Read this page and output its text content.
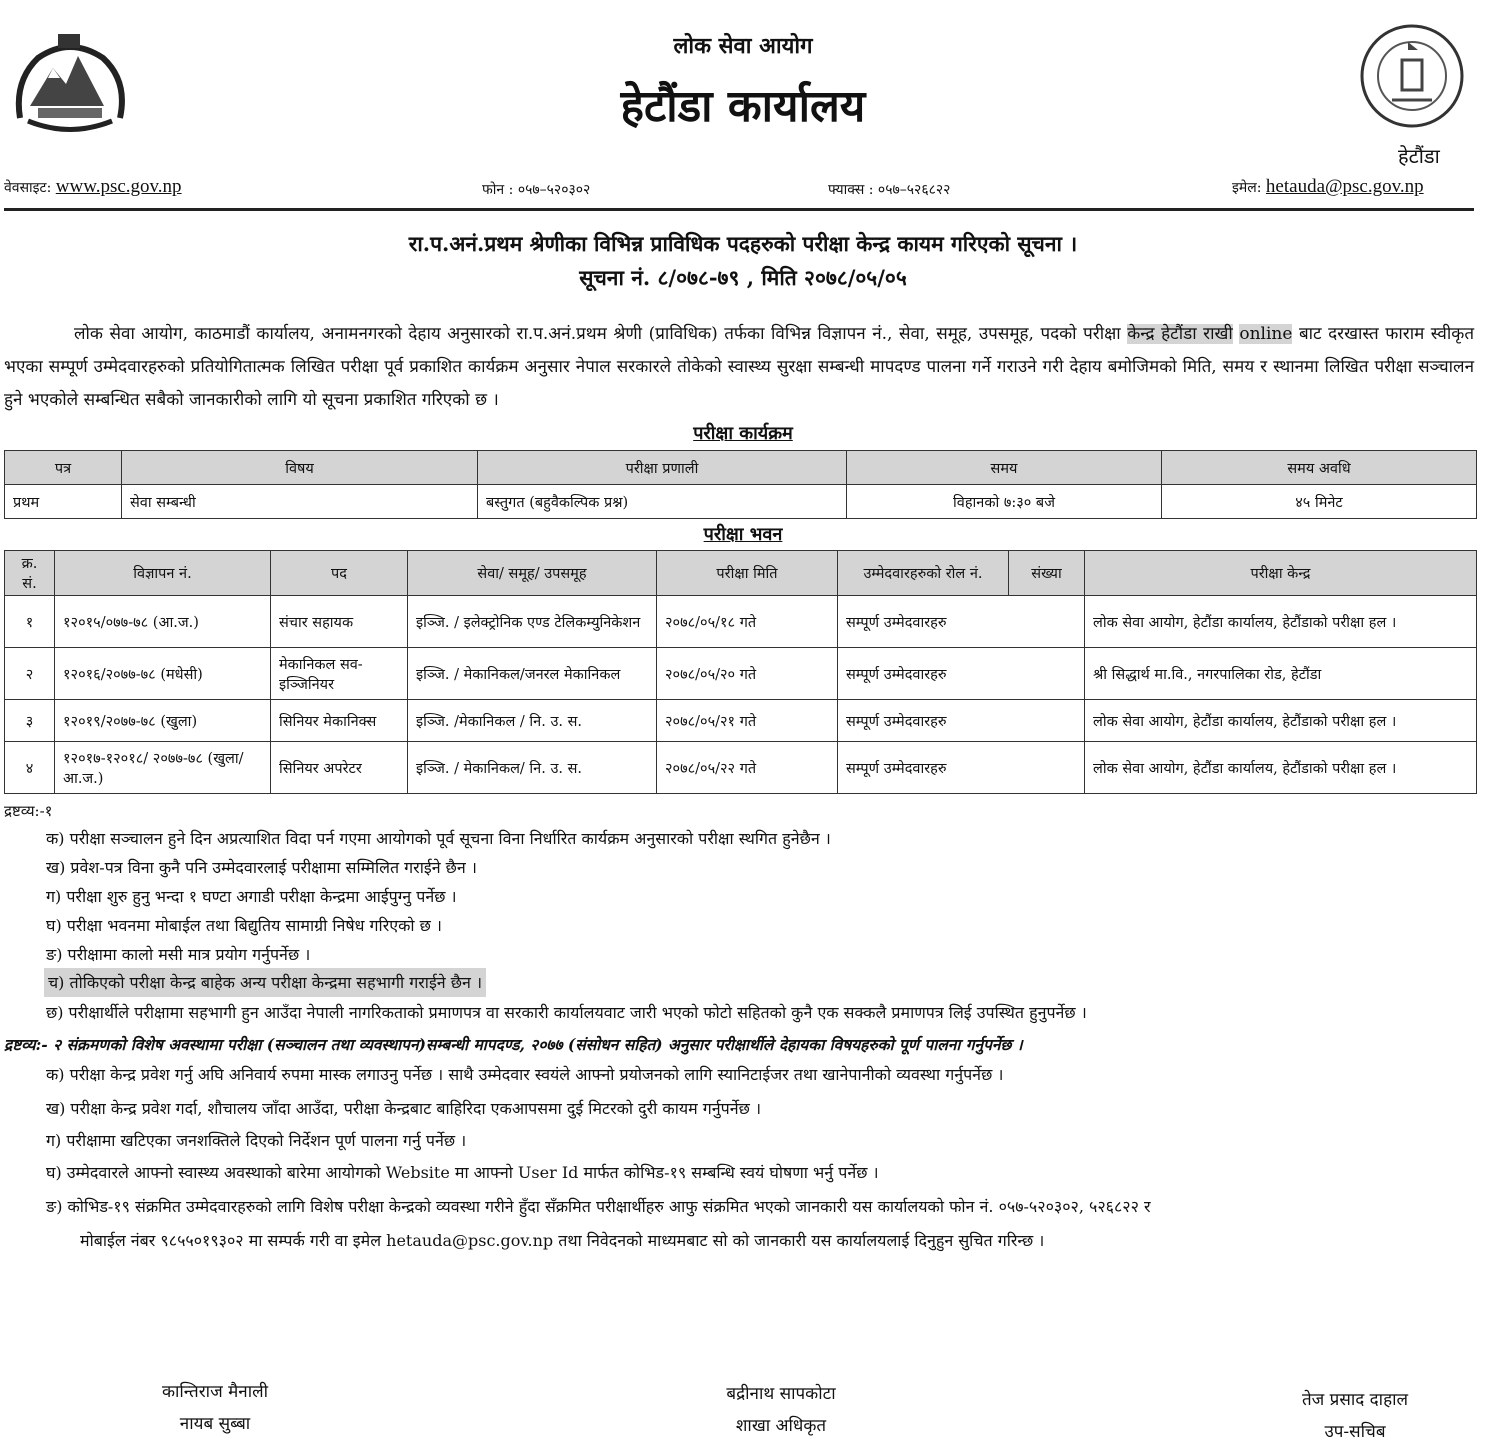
लोक सेवा आयोग
हेटौंडा कार्यालय
हेटौंडा
वेवसाइट: www.psc.gov.np	फोन : ०५७–५२०३०२	फ्याक्स : ०५७–५२६८२२	इमेल: hetauda@psc.gov.np
रा.प.अनं.प्रथम श्रेणीका विभिन्न प्राविधिक पदहरुको परीक्षा केन्द्र कायम गरिएको सूचना ।
सूचना नं. ८/०७८-७९ , मिति २०७८/०५/०५
लोक सेवा आयोग, काठमाडौं कार्यालय, अनामनगरको देहाय अनुसारको रा.प.अनं.प्रथम श्रेणी (प्राविधिक) तर्फका विभिन्न विज्ञापन नं., सेवा, समूह, उपसमूह, पदको परीक्षा केन्द्र हेटौंडा राखी online बाट दरखास्त फाराम स्वीकृत भएका सम्पूर्ण उम्मेदवारहरुको प्रतियोगितात्मक लिखित परीक्षा पूर्व प्रकाशित कार्यक्रम अनुसार नेपाल सरकारले तोकेको स्वास्थ्य सुरक्षा सम्बन्धी मापदण्ड पालना गर्ने गराउने गरी देहाय बमोजिमको मिति, समय र स्थानमा लिखित परीक्षा सञ्चालन हुने भएकोले सम्बन्धित सबैको जानकारीको लागि यो सूचना प्रकाशित गरिएको छ ।
परीक्षा कार्यक्रम
पत्र	विषय	परीक्षा प्रणाली	समय	समय अवधि
प्रथम	सेवा सम्बन्धी	बस्तुगत (बहुवैकल्पिक प्रश्न)	विहानको ७:३० बजे	४५ मिनेट
परीक्षा भवन
क्र. सं.	विज्ञापन नं.	पद	सेवा/ समूह/ उपसमूह	परीक्षा मिति	उम्मेदवारहरुको रोल नं.	संख्या	परीक्षा केन्द्र
१	१२०१५/०७७-७८ (आ.ज.)	संचार सहायक	इञ्जि. / इलेक्ट्रोनिक एण्ड टेलिकम्युनिकेशन	२०७८/०५/१८ गते	सम्पूर्ण उम्मेदवारहरु		लोक सेवा आयोग, हेटौंडा कार्यालय, हेटौंडाको परीक्षा हल ।
२	१२०१६/२०७७-७८ (मधेसी)	मेकानिकल सव-इञ्जिनियर	इञ्जि. / मेकानिकल/जनरल मेकानिकल	२०७८/०५/२० गते	सम्पूर्ण उम्मेदवारहरु		श्री सिद्धार्थ मा.वि., नगरपालिका रोड, हेटौंडा
३	१२०१९/२०७७-७८ (खुला)	सिनियर मेकानिक्स	इञ्जि. /मेकानिकल / नि. उ. स.	२०७८/०५/२१ गते	सम्पूर्ण उम्मेदवारहरु		लोक सेवा आयोग, हेटौंडा कार्यालय, हेटौंडाको परीक्षा हल ।
४	१२०१७-१२०१८/ २०७७-७८ (खुला/आ.ज.)	सिनियर अपरेटर	इञ्जि. / मेकानिकल/ नि. उ. स.	२०७८/०५/२२ गते	सम्पूर्ण उम्मेदवारहरु		लोक सेवा आयोग, हेटौंडा कार्यालय, हेटौंडाको परीक्षा हल ।
द्रष्टव्य:-१
क) परीक्षा सञ्चालन हुने दिन अप्रत्याशित विदा पर्न गएमा आयोगको पूर्व सूचना विना निर्धारित कार्यक्रम अनुसारको परीक्षा स्थगित हुनेछैन ।
ख) प्रवेश-पत्र विना कुनै पनि उम्मेदवारलाई परीक्षामा सम्मिलित गराईने छैन ।
ग) परीक्षा शुरु हुनु भन्दा १ घण्टा अगाडी परीक्षा केन्द्रमा आईपुग्नु पर्नेछ ।
घ) परीक्षा भवनमा मोबाईल तथा बिद्युतिय सामाग्री निषेध गरिएको छ ।
ङ) परीक्षामा कालो मसी मात्र प्रयोग गर्नुपर्नेछ ।
च) तोकिएको परीक्षा केन्द्र बाहेक अन्य परीक्षा केन्द्रमा सहभागी गराईने छैन ।
छ) परीक्षार्थीले परीक्षामा सहभागी हुन आउँदा नेपाली नागरिकताको प्रमाणपत्र वा सरकारी कार्यालयवाट जारी भएको फोटो सहितको कुनै एक सक्कलै प्रमाणपत्र लिई उपस्थित हुनुपर्नेछ ।
द्रष्टव्य:- २ संक्रमणको विशेष अवस्थामा परीक्षा (सञ्चालन तथा व्यवस्थापन)सम्बन्धी मापदण्ड, २०७७ (संसोधन सहित) अनुसार परीक्षार्थीले देहायका विषयहरुको पूर्ण पालना गर्नुपर्नेछ ।
क) परीक्षा केन्द्र प्रवेश गर्नु अघि अनिवार्य रुपमा मास्क लगाउनु पर्नेछ । साथै उम्मेदवार स्वयंले आफ्नो प्रयोजनको लागि स्यानिटाईजर तथा खानेपानीको व्यवस्था गर्नुपर्नेछ ।
ख) परीक्षा केन्द्र प्रवेश गर्दा, शौचालय जाँदा आउँदा, परीक्षा केन्द्रबाट बाहिरिदा एकआपसमा दुई मिटरको दुरी कायम गर्नुपर्नेछ ।
ग) परीक्षामा खटिएका जनशक्तिले दिएको निर्देशन पूर्ण पालना गर्नु पर्नेछ ।
घ) उम्मेदवारले आफ्नो स्वास्थ्य अवस्थाको बारेमा आयोगको Website मा आफ्नो User Id मार्फत कोभिड-१९ सम्बन्धि स्वयं घोषणा भर्नु पर्नेछ ।
ङ) कोभिड-१९ संक्रमित उम्मेदवारहरुको लागि विशेष परीक्षा केन्द्रको व्यवस्था गरीने हुँदा सँक्रमित परीक्षार्थीहरु आफु संक्रमित भएको जानकारी यस कार्यालयको फोन नं. ०५७-५२०३०२, ५२६८२२ र
मोबाईल नंबर ९८५५०१९३०२ मा सम्पर्क गरी वा इमेल hetauda@psc.gov.np तथा निवेदनको माध्यमबाट सो को जानकारी यस कार्यालयलाई दिनुहुन सुचित गरिन्छ ।
कान्तिराज मैनाली
नायब सुब्बा
बद्रीनाथ सापकोटा
शाखा अधिकृत
तेज प्रसाद दाहाल
उप-सचिब
